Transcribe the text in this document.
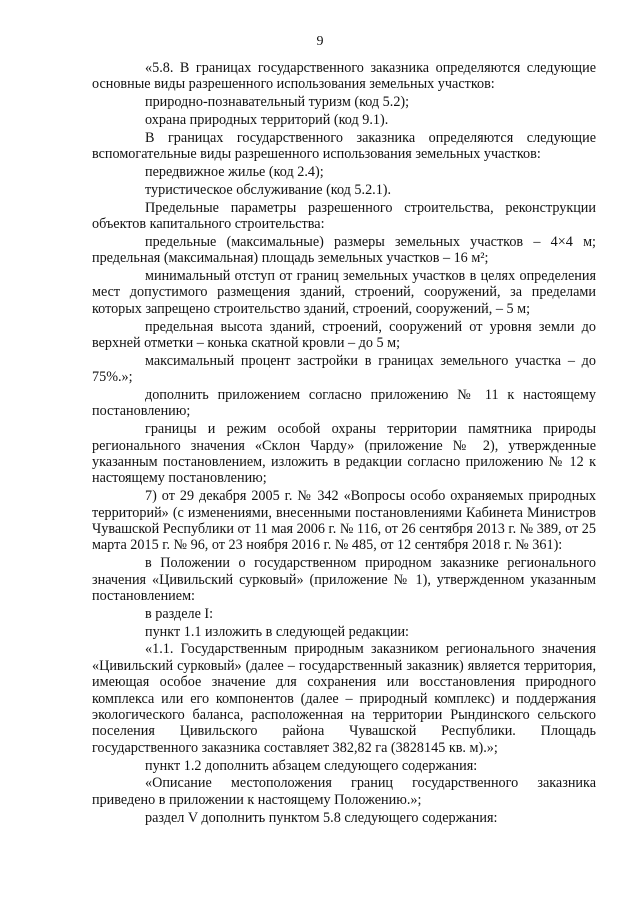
9

«5.8. В границах государственного заказника определяются следующие основные виды разрешенного использования земельных участков:

природно-познавательный туризм (код 5.2);

охрана природных территорий (код 9.1).

В границах государственного заказника определяются следующие вспомогательные виды разрешенного использования земельных участков:

передвижное жилье (код 2.4);

туристическое обслуживание (код 5.2.1).

Предельные параметры разрешенного строительства, реконструкции объектов капитального строительства:

предельные (максимальные) размеры земельных участков – 4×4 м; предельная (максимальная) площадь земельных участков – 16 м²;

минимальный отступ от границ земельных участков в целях определения мест допустимого размещения зданий, строений, сооружений, за пределами которых запрещено строительство зданий, строений, сооружений, – 5 м;

предельная высота зданий, строений, сооружений от уровня земли до верхней отметки – конька скатной кровли – до 5 м;

максимальный процент застройки в границах земельного участка – до 75%.»;

дополнить приложением согласно приложению № 11 к настоящему постановлению;

границы и режим особой охраны территории памятника природы регионального значения «Склон Чарду» (приложение № 2), утвержденные указанным постановлением, изложить в редакции согласно приложению № 12 к настоящему постановлению;

7) от 29 декабря 2005 г. № 342 «Вопросы особо охраняемых природных территорий» (с изменениями, внесенными постановлениями Кабинета Министров Чувашской Республики от 11 мая 2006 г. № 116, от 26 сентября 2013 г. № 389, от 25 марта 2015 г. № 96, от 23 ноября 2016 г. № 485, от 12 сентября 2018 г. № 361):

в Положении о государственном природном заказнике регионального значения «Цивильский сурковый» (приложение № 1), утвержденном указанным постановлением:

в разделе I:

пункт 1.1 изложить в следующей редакции:

«1.1. Государственным природным заказником регионального значения «Цивильский сурковый» (далее – государственный заказник) является территория, имеющая особое значение для сохранения или восстановления природного комплекса или его компонентов (далее – природный комплекс) и поддержания экологического баланса, расположенная на территории Рындинского сельского поселения Цивильского района Чувашской Республики. Площадь государственного заказника составляет 382,82 га (3828145 кв. м).»;

пункт 1.2 дополнить абзацем следующего содержания:

«Описание местоположения границ государственного заказника приведено в приложении к настоящему Положению.»;

раздел V дополнить пунктом 5.8 следующего содержания:
